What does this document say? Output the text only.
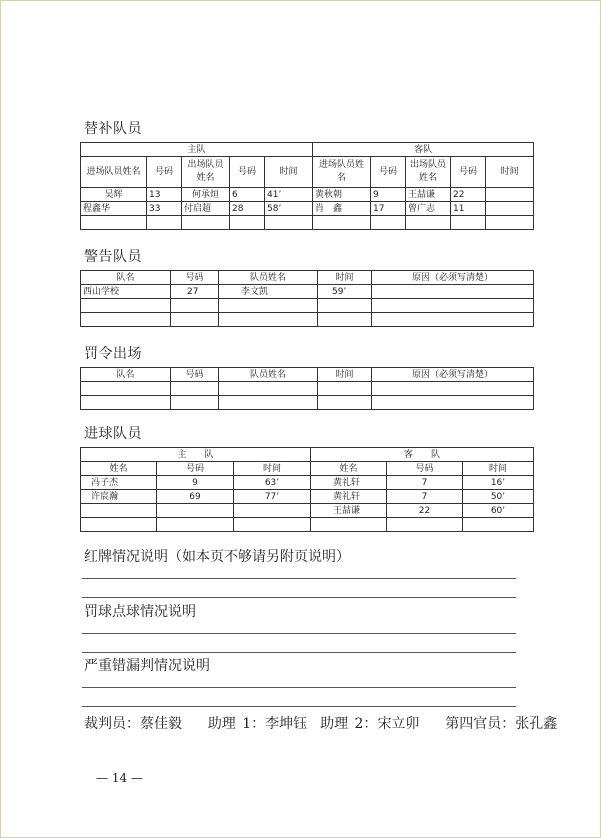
替补队员
主队					客队				
进场队员姓名	号码	出场队员姓名	号码	时间	进场队员姓名	号码	出场队员姓名	号码	时间
吴辉	13	何承烜	6	41’	黄秋朝	9	王喆谦	22	
程鑫华	33	付启超	28	58’	肖　鑫	17	曾广志	11	

警告队员
队名	号码	队员姓名	时间	原因（必须写清楚）
西山学校	27	李文凯	59’	

罚令出场
队名	号码	队员姓名	时间	原因（必须写清楚）

进球队员
主　　队			客　　队		
姓名	号码	时间	姓名	号码	时间
冯子杰	9	63’	黄礼轩	7	16’
许宸瀚	69	77’	黄礼轩	7	50’
			王喆谦	22	60’

红牌情况说明（如本页不够请另附页说明）
罚球点球情况说明
严重错漏判情况说明
裁判员：蔡佳毅 助理 1：李坤钰 助理 2：宋立卯 第四官员：张孔鑫
— 14 —
